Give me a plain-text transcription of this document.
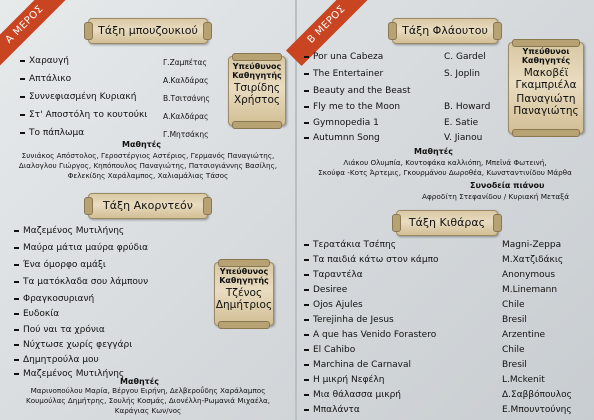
Α ΜΕΡΟΣ	Β ΜΕΡΟΣ
Τάξη μπουζουκιού
Χαραυγή	Γ.Ζαμπέτας
Απτάλικο	Α.Καλδάρας
Συννεφιασμένη Κυριακή	Β.Τσιτσάνης
Στ' Αποστόλη το κουτούκι Α.Καλδάρας
Το πάπλωμα	Γ.Μητσάκης
Υπεύθυνος Καθηγητής
Τσιρίδης Χρήστος
Μαθητές
Συνιάκος Απόστολος, Γεροστέργιος Αστέριος, Γερμανός Παναγιώτης,
Διαλογλου Γιώργος, Κηπόπουλος Παναγιώτης, Πατσιογιάννης Βασίλης,
Φελεκίδης Χαράλαμπος, Χαλιαμάλιας Τάσος
Τάξη Ακορντεόν
Μαζεμένος Μυτιλήνης
Μαύρα μάτια μαύρα φρύδια
Ένα όμορφο αμάξι
Τα ματόκλαδα σου λάμπουν
Φραγκοσυριανή
Ευδοκία
Πού ναι τα χρόνια
Νύχτωσε χωρίς φεγγάρι
Δημητρούλα μου
Μαζεμένος Μυτιλήνης
Υπεύθυνος Καθηγητής
Τζένος Δημήτριος
Μαθητές
Μαρινοπούλου Μαρία, Βέργου Ειρήνη, Δελβεροΰδης Χαράλαμπος
Κουμούλας Δημήτρης, Σουλής Κοσμάς, Διονέλλη-Ρωμανιά Μιχαέλα,
Καράγιας Κων/νος
Τάξη Φλάουτου
Por una Cabeza	C. Gardel
The Entertainer	S. Joplin
Beauty and the Beast
Fly me to the Moon	B. Howard
Gymnopedia 1	E. Satie
Autumnn Song	V. Jianou
Υπεύθυνοι Καθηγητές
Μακοβέϊ Γκαμπριέλα
Παναγιώτη Παναγιώτης
Μαθητές
Λιάκου Ολυμπία, Κοντοφάκα καλλιόπη, Μπεϊνά Φωτεινή,
Σκούφα -Κοτς Άρτεμις, Γκουρμάνου Δωροθέα, Κωνσταντινίδου Μάρθα
Συνοδεία πιάνου
Αφροδίτη Στεφανίδου / Κυριακή Μεταξά
Τάξη Κιθάρας
Τερατάκια Τσέπης	Magni-Zeppa
Τα παιδιά κάτω στον κάμπο	Μ.Χατζιδάκις
Ταραντέλα	Anonymous
Desiree	M.Linemann
Ojos Ajules	Chile
Terejinha de Jesus	Bresil
A que has Venido Forastero	Arzentine
El Cahibo	Chile
Marchina de Carnaval	Bresil
Η μικρή Νεφέλη	L.Mckenit
Μια θάλασσα μικρή	Δ.Σαββόπουλος
Μπαλάντα	Ε.Μπουντούνης
